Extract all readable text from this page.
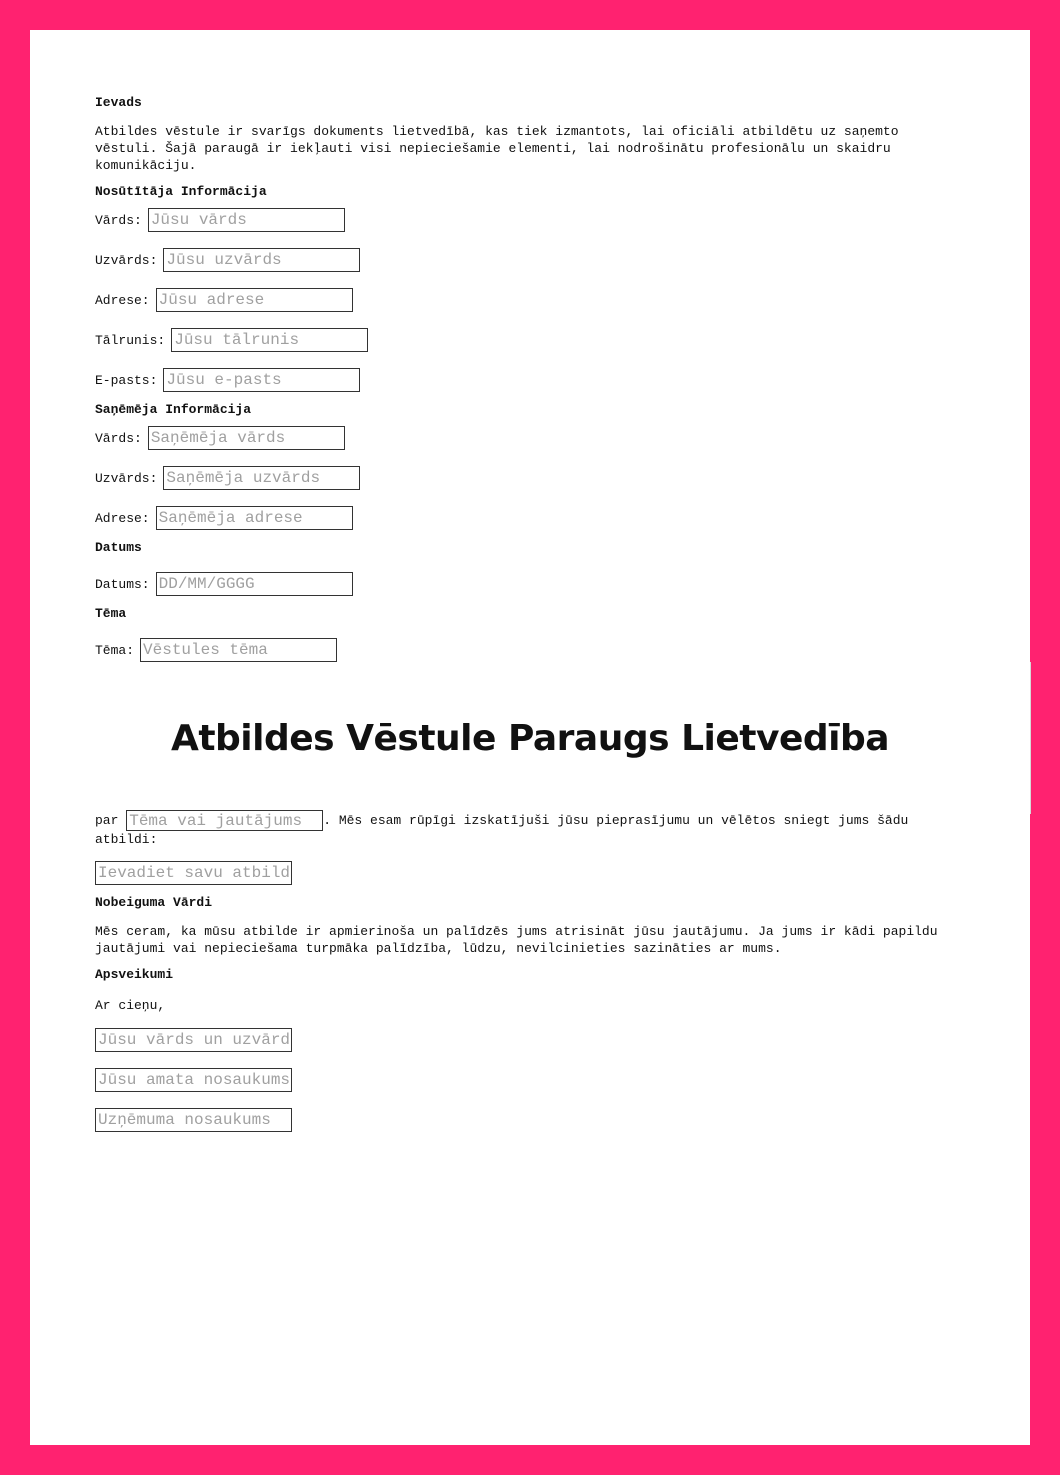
Ievads

Atbildes vēstule ir svarīgs dokuments lietvedībā, kas tiek izmantots, lai oficiāli atbildētu uz saņemto vēstuli. Šajā paraugā ir iekļauti visi nepieciešamie elementi, lai nodrošinātu profesionālu un skaidru komunikāciju.

Nosūtītāja Informācija

Vārds:
Jūsu vārds
Uzvārds:
Jūsu uzvārds
Adrese:
Jūsu adrese
Tālrunis:
Jūsu tālrunis
E-pasts:
Jūsu e-pasts

Saņēmēja Informācija

Vārds:
Saņēmēja vārds
Uzvārds:
Saņēmēja uzvārds
Adrese:
Saņēmēja adrese

Datums

Datums:
DD/MM/GGGG

Tēma

Tēma:
Vēstules tēma
Atbildes Vēstule Paraugs Lietvedība

par Tēma vai jautājums	. Mēs esam rūpīgi izskatījuši jūsu pieprasījumu un vēlētos sniegt jums šādu atbildi:

Ievadiet savu atbildi

Nobeiguma Vārdi

Mēs ceram, ka mūsu atbilde ir apmierinoša un palīdzēs jums atrisināt jūsu jautājumu. Ja jums ir kādi papildu jautājumi vai nepieciešama turpmāka palīdzība, lūdzu, nevilcinieties sazināties ar mums.

Apsveikumi

Ar cieņu,

Jūsu vārds un uzvārds
Jūsu amata nosaukums
Uzņēmuma nosaukums
